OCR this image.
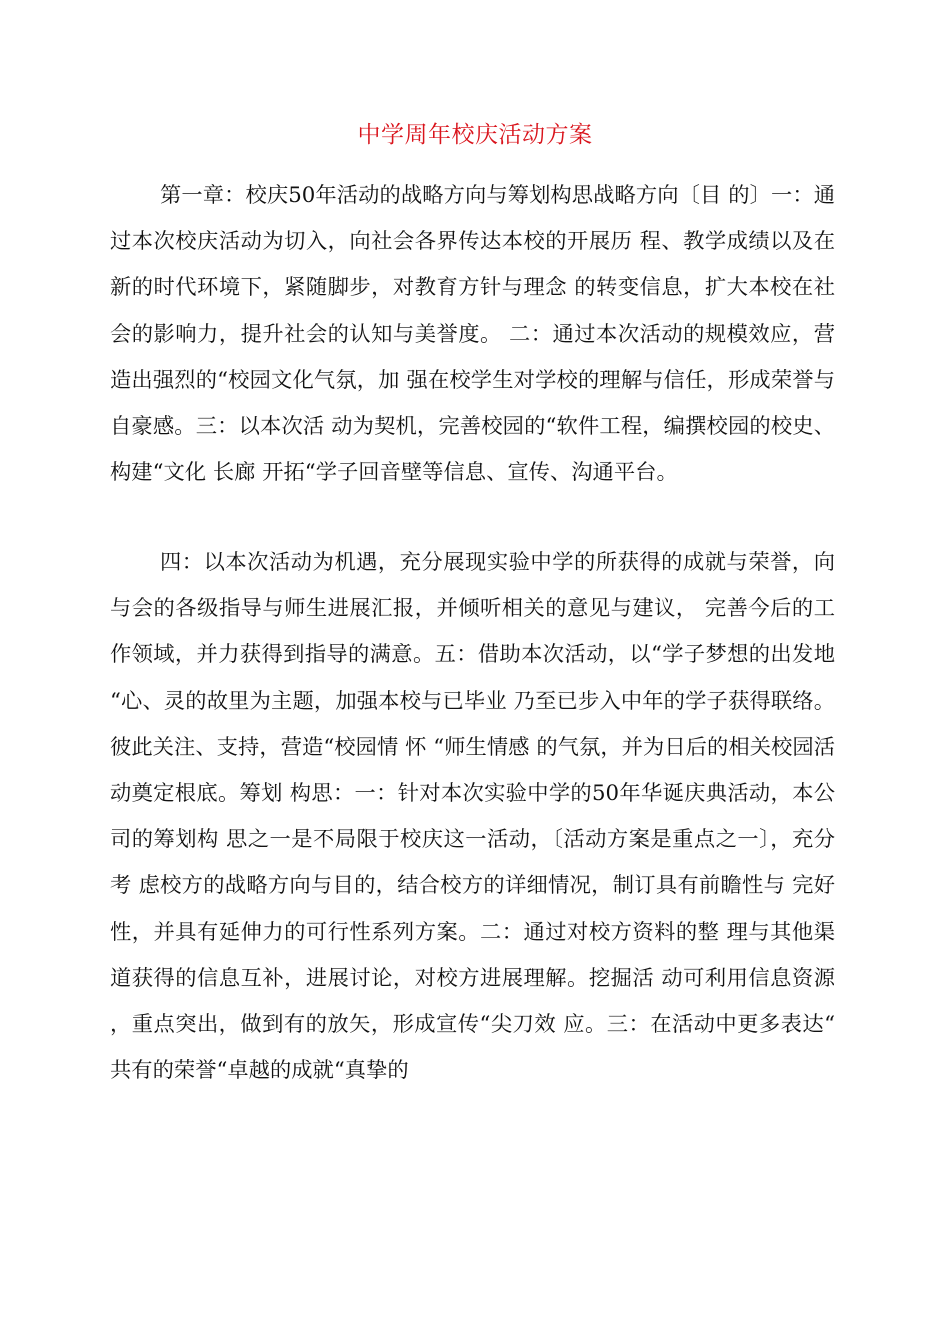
中学周年校庆活动方案

第一章：校庆50年活动的战略方向与筹划构思战略方向〔目 的〕一：通过本次校庆活动为切入，向社会各界传达本校的开展历 程、教学成绩以及在新的时代环境下，紧随脚步，对教育方针与理念 的转变信息，扩大本校在社会的影响力，提升社会的认知与美誉度。 二：通过本次活动的规模效应，营造出强烈的“校园文化气氛，加 强在校学生对学校的理解与信任，形成荣誉与自豪感。三：以本次活 动为契机，完善校园的“软件工程，编撰校园的校史、构建“文化 长廊 开拓“学子回音壁等信息、宣传、沟通平台。

四：以本次活动为机遇，充分展现实验中学的所获得的成就与荣誉，向与会的各级指导与师生进展汇报，并倾听相关的意见与建议， 完善今后的工作领域，并力获得到指导的满意。五：借助本次活动，以“学子梦想的出发地 “心、灵的故里为主题，加强本校与已毕业 乃至已步入中年的学子获得联络。彼此关注、支持，营造“校园情 怀 “师生情感 的气氛，并为日后的相关校园活动奠定根底。筹划 构思：一：针对本次实验中学的50年华诞庆典活动，本公司的筹划构 思之一是不局限于校庆这一活动，〔活动方案是重点之一〕，充分考 虑校方的战略方向与目的，结合校方的详细情况，制订具有前瞻性与 完好性，并具有延伸力的可行性系列方案。二：通过对校方资料的整 理与其他渠道获得的信息互补，进展讨论，对校方进展理解。挖掘活 动可利用信息资源，重点突出，做到有的放矢，形成宣传“尖刀效 应。三：在活动中更多表达“共有的荣誉“卓越的成就“真挚的
